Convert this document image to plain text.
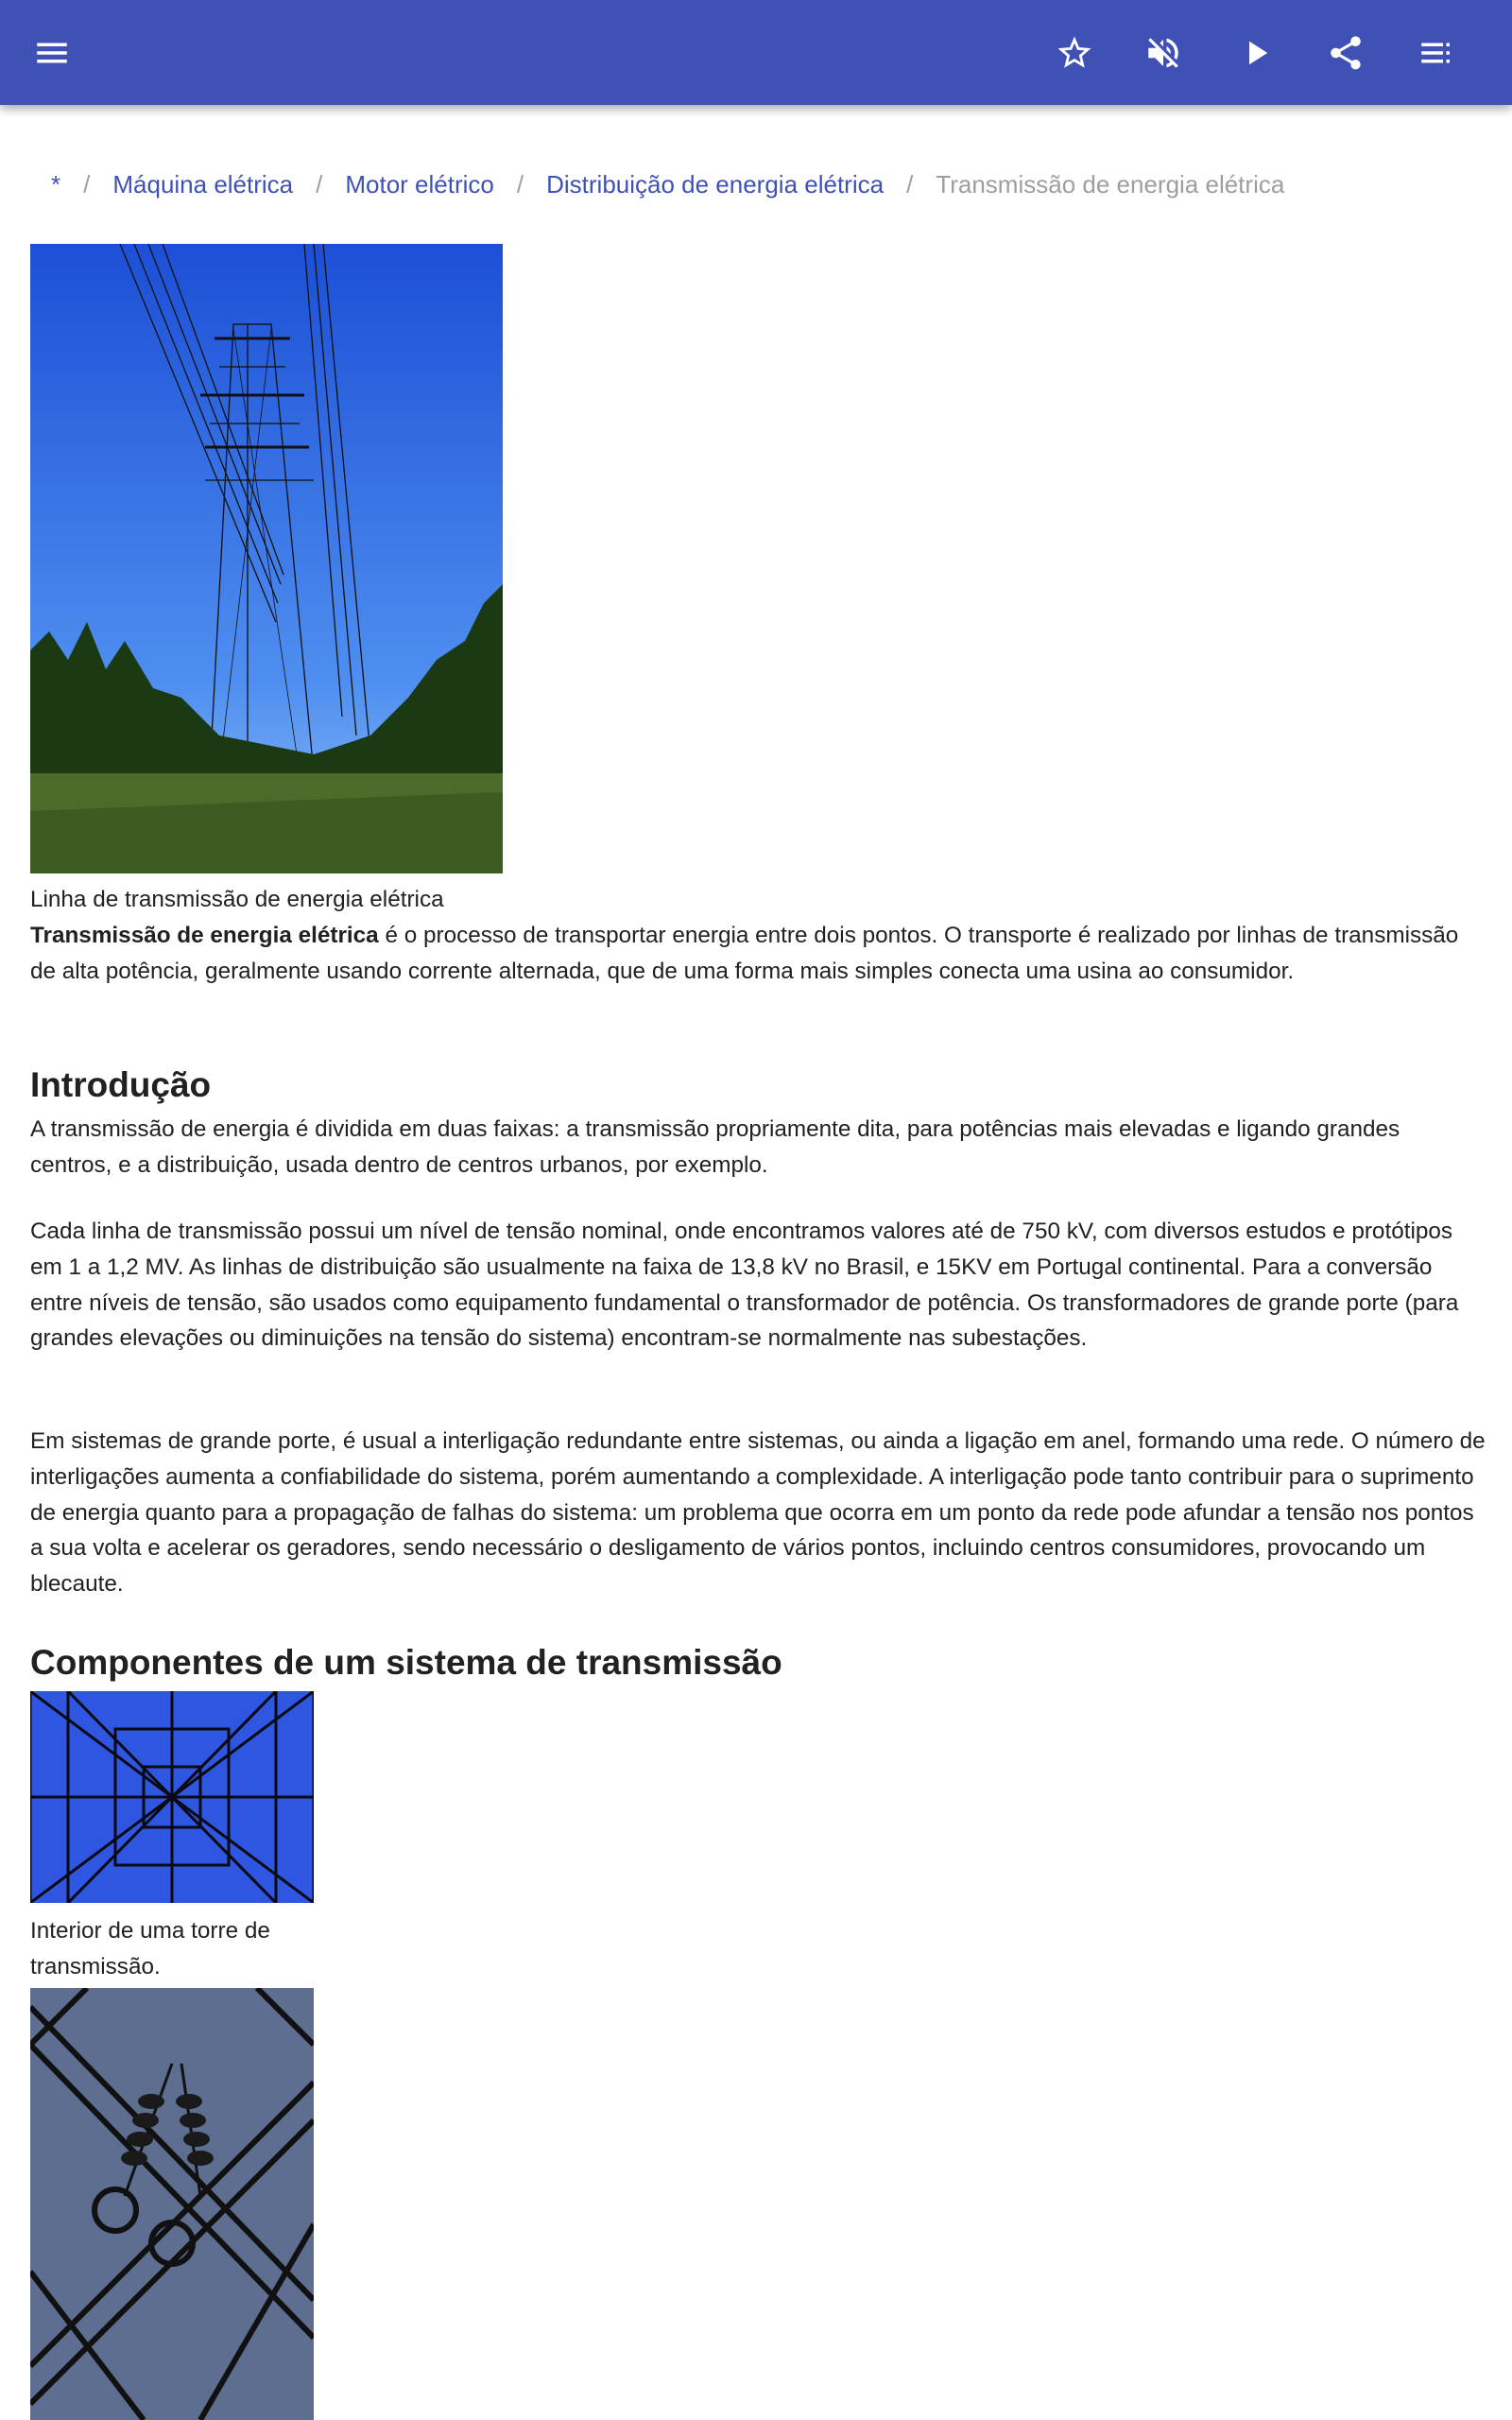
* / Máquina elétrica / Motor elétrico / Distribuição de energia elétrica / Transmissão de energia elétrica

Linha de transmissão de energia elétrica

Transmissão de energia elétrica é o processo de transportar energia entre dois pontos. O transporte é realizado por linhas de transmissão de alta potência, geralmente usando corrente alternada, que de uma forma mais simples conecta uma usina ao consumidor.

Introdução

A transmissão de energia é dividida em duas faixas: a transmissão propriamente dita, para potências mais elevadas e ligando grandes centros, e a distribuição, usada dentro de centros urbanos, por exemplo.

Cada linha de transmissão possui um nível de tensão nominal, onde encontramos valores até de 750 kV, com diversos estudos e protótipos em 1 a 1,2 MV. As linhas de distribuição são usualmente na faixa de 13,8 kV no Brasil, e 15KV em Portugal continental. Para a conversão entre níveis de tensão, são usados como equipamento fundamental o transformador de potência. Os transformadores de grande porte (para grandes elevações ou diminuições na tensão do sistema) encontram-se normalmente nas subestações.

Em sistemas de grande porte, é usual a interligação redundante entre sistemas, ou ainda a ligação em anel, formando uma rede. O número de interligações aumenta a confiabilidade do sistema, porém aumentando a complexidade. A interligação pode tanto contribuir para o suprimento de energia quanto para a propagação de falhas do sistema: um problema que ocorra em um ponto da rede pode afundar a tensão nos pontos a sua volta e acelerar os geradores, sendo necessário o desligamento de vários pontos, incluindo centros consumidores, provocando um blecaute.

Componentes de um sistema de transmissão

Interior de uma torre de transmissão.
